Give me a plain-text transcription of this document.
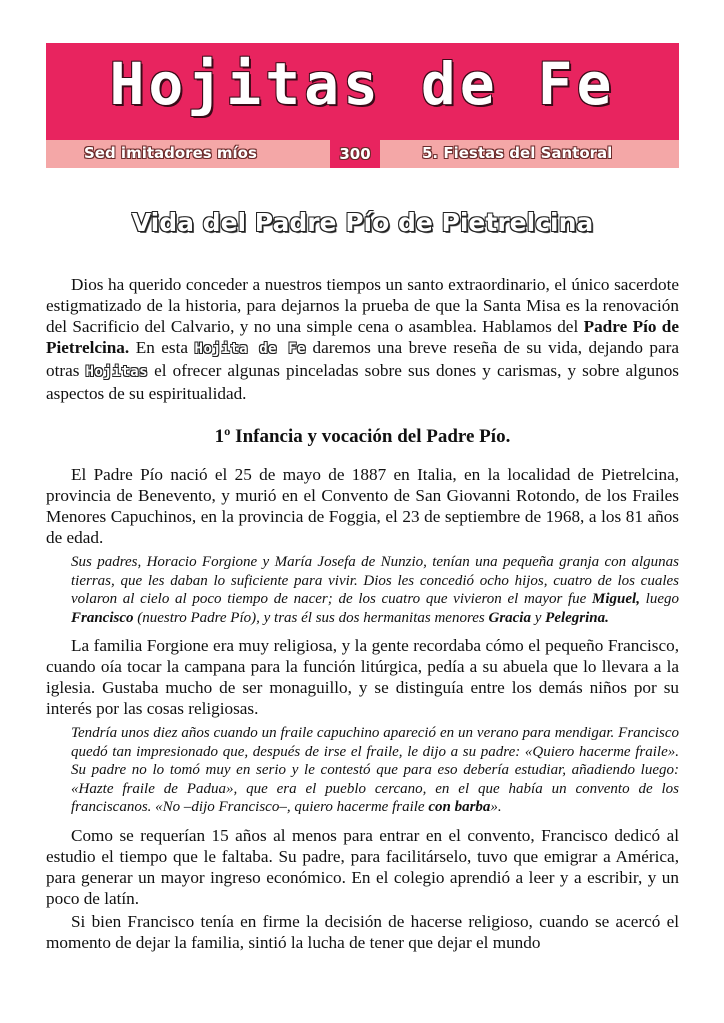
Hojitas de Fe
Sed imitadores míos	300	5. Fiestas del Santoral
Vida del Padre Pío de Pietrelcina

Dios ha querido conceder a nuestros tiempos un santo extraordinario, el único sacerdote estigmatizado de la historia, para dejarnos la prueba de que la Santa Misa es la renovación del Sacrificio del Calvario, y no una simple cena o asamblea. Hablamos del Padre Pío de Pietrelcina. En esta Hojita de Fe daremos una breve reseña de su vida, dejando para otras Hojitas el ofrecer algunas pinceladas sobre sus dones y carismas, y sobre algunos aspectos de su espiritualidad.

1º Infancia y vocación del Padre Pío.

El Padre Pío nació el 25 de mayo de 1887 en Italia, en la localidad de Pietrelcina, provincia de Benevento, y murió en el Convento de San Giovanni Rotondo, de los Frailes Menores Capuchinos, en la provincia de Foggia, el 23 de septiembre de 1968, a los 81 años de edad.

Sus padres, Horacio Forgione y María Josefa de Nunzio, tenían una pequeña granja con algunas tierras, que les daban lo suficiente para vivir. Dios les concedió ocho hijos, cuatro de los cuales volaron al cielo al poco tiempo de nacer; de los cuatro que vivieron el mayor fue Miguel, luego Francisco (nuestro Padre Pío), y tras él sus dos hermanitas menores Gracia y Pelegrina.

La familia Forgione era muy religiosa, y la gente recordaba cómo el pequeño Francisco, cuando oía tocar la campana para la función litúrgica, pedía a su abuela que lo llevara a la iglesia. Gustaba mucho de ser monaguillo, y se distinguía entre los demás niños por su interés por las cosas religiosas.

Tendría unos diez años cuando un fraile capuchino apareció en un verano para mendigar. Francisco quedó tan impresionado que, después de irse el fraile, le dijo a su padre: «Quiero hacerme fraile». Su padre no lo tomó muy en serio y le contestó que para eso debería estudiar, añadiendo luego: «Hazte fraile de Padua», que era el pueblo cercano, en el que había un convento de los franciscanos. «No –dijo Francisco–, quiero hacerme fraile con barba».

Como se requerían 15 años al menos para entrar en el convento, Francisco dedicó al estudio el tiempo que le faltaba. Su padre, para facilitárselo, tuvo que emigrar a América, para generar un mayor ingreso económico. En el colegio aprendió a leer y a escribir, y un poco de latín.

Si bien Francisco tenía en firme la decisión de hacerse religioso, cuando se acercó el momento de dejar la familia, sintió la lucha de tener que dejar el mundo
